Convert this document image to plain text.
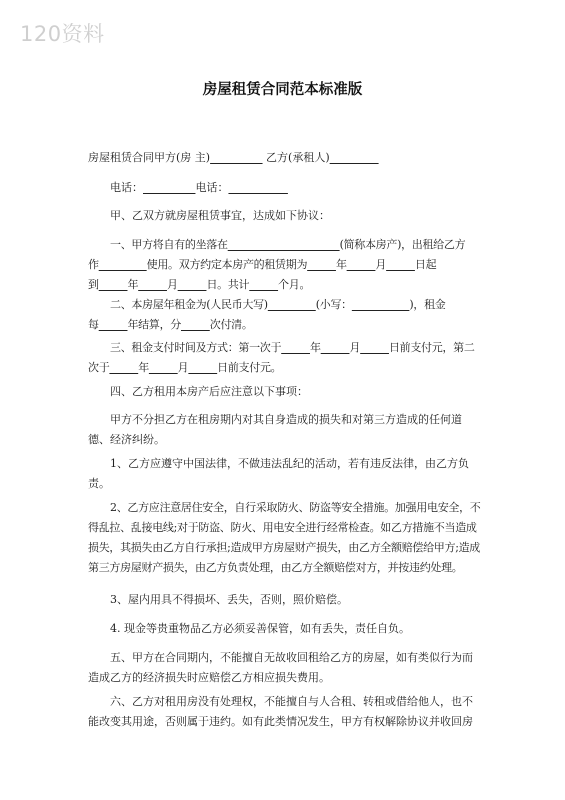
120资料
房屋租赁合同范本标准版
房屋租赁合同甲方(房 主)	乙方(承租人)
电话：	电话：
甲、乙双方就房屋租赁事宜，达成如下协议：
一、甲方将自有的坐落在	(简称本房产)，出租给乙方作	使用。双方约定本房产的租赁期为	年	月	日起到	年	月	日。共计	个月。
二、本房屋年租金为(人民币大写)	(小写：	)，租金每	年结算，分	次付清。
三、租金支付时间及方式：第一次于	年	月	日前支付元，第二次于	年	月	日前支付元。
四、乙方租用本房产后应注意以下事项：
甲方不分担乙方在租房期内对其自身造成的损失和对第三方造成的任何道德、经济纠纷。
1、乙方应遵守中国法律，不做违法乱纪的活动，若有违反法律，由乙方负责。
2、乙方应注意居住安全，自行采取防火、防盗等安全措施。加强用电安全，不得乱拉、乱接电线;对于防盗、防火、用电安全进行经常检查。如乙方措施不当造成损失，其损失由乙方自行承担;造成甲方房屋财产损失，由乙方全额赔偿给甲方;造成第三方房屋财产损失，由乙方负责处理，由乙方全额赔偿对方，并按违约处理。
3、屋内用具不得损坏、丢失，否则，照价赔偿。
4. 现金等贵重物品乙方必须妥善保管，如有丢失，责任自负。
五、甲方在合同期内，不能擅自无故收回租给乙方的房屋，如有类似行为而造成乙方的经济损失时应赔偿乙方相应损失费用。
六、乙方对租用房没有处理权，不能擅自与人合租、转租或借给他人，也不能改变其用途，否则属于违约。如有此类情况发生，甲方有权解除协议并收回房
